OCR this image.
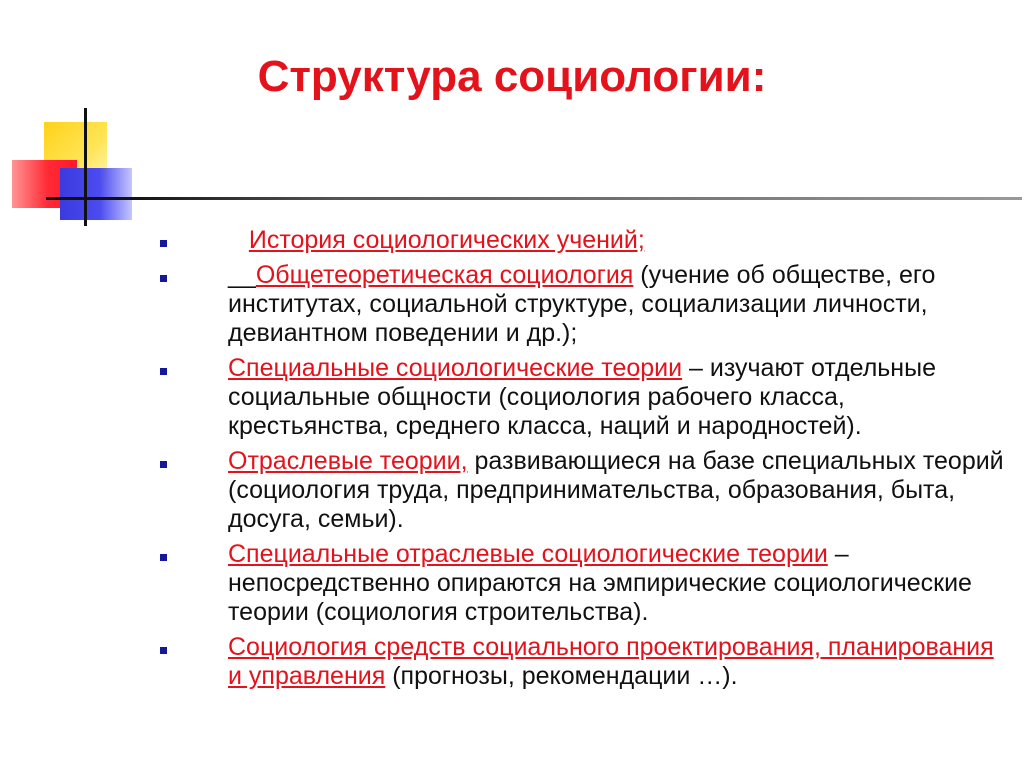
Структура социологии:
История социологических учений;
__Общетеоретическая социология (учение об обществе, его институтах, социальной структуре, социализации личности, девиантном поведении и др.);
Специальные социологические теории – изучают отдельные социальные общности (социология рабочего класса, крестьянства, среднего класса, наций и народностей).
Отраслевые теории, развивающиеся на базе специальных теорий (социология труда, предпринимательства, образования, быта, досуга, семьи).
Специальные отраслевые социологические теории – непосредственно опираются на эмпирические социологические теории (социология строительства).
Социология средств социального проектирования, планирования и управления (прогнозы, рекомендации …).
